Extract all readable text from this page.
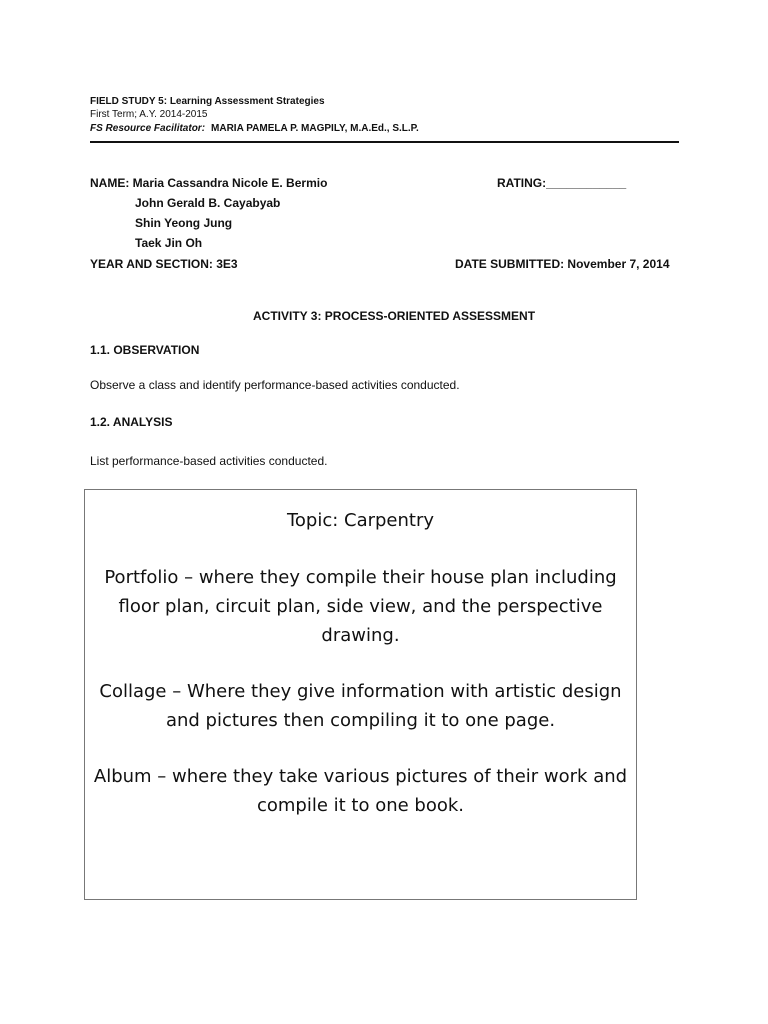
FIELD STUDY 5: Learning Assessment Strategies
First Term; A.Y. 2014-2015
FS Resource Facilitator: MARIA PAMELA P. MAGPILY, M.A.Ed., S.L.P.
NAME: Maria Cassandra Nicole E. Bermio	RATING:____________
John Gerald B. Cayabyab
Shin Yeong Jung
Taek Jin Oh
YEAR AND SECTION: 3E3	DATE SUBMITTED: November 7, 2014
ACTIVITY 3: PROCESS-ORIENTED ASSESSMENT
1.1. OBSERVATION
Observe a class and identify performance-based activities conducted.
1.2. ANALYSIS
List performance-based activities conducted.

Topic: Carpentry

Portfolio – where they compile their house plan including floor plan, circuit plan, side view, and the perspective drawing.

Collage – Where they give information with artistic design and pictures then compiling it to one page.

Album – where they take various pictures of their work and compile it to one book.
